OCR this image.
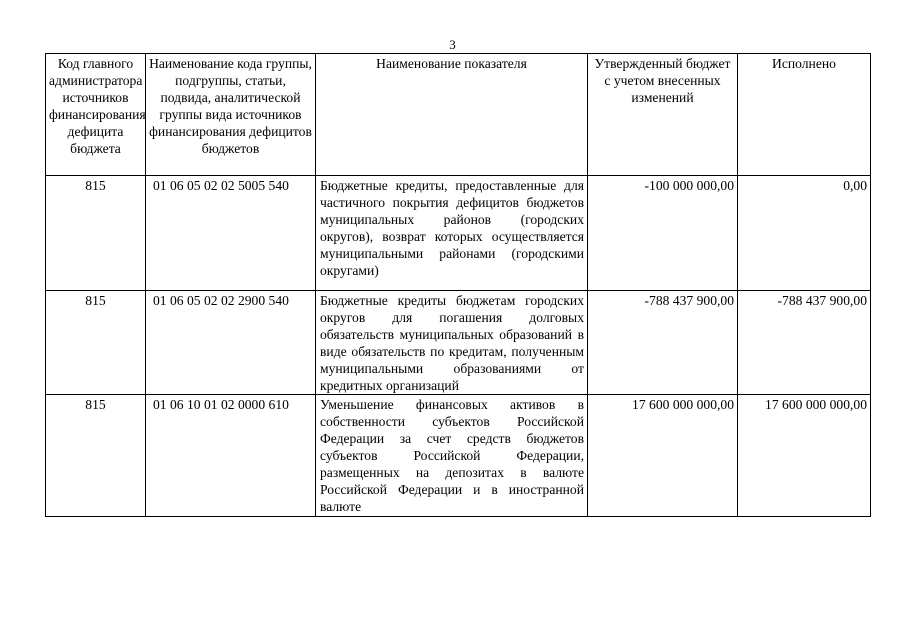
3
Код главного администратора источников финансирования дефицита бюджета	Наименование кода группы, подгруппы, статьи, подвида, аналитической группы вида источников финансирования дефицитов бюджетов	Наименование показателя	Утвержденный бюджет с учетом внесенных изменений	Исполнено
815	01 06 05 02 02 5005 540	Бюджетные кредиты, предоставленные для частичного покрытия дефицитов бюджетов муниципальных районов (городских округов), возврат которых осуществляется муниципальными районами (городскими округами)	-100 000 000,00	0,00
815	01 06 05 02 02 2900 540	Бюджетные кредиты бюджетам городских округов для погашения долговых обязательств муниципальных образований в виде обязательств по кредитам, полученным муниципальными образованиями от кредитных организаций	-788 437 900,00	-788 437 900,00
815	01 06 10 01 02 0000 610	Уменьшение финансовых активов в собственности субъектов Российской Федерации за счет средств бюджетов субъектов Российской Федерации, размещенных на депозитах в валюте Российской Федерации и в иностранной валюте	17 600 000 000,00	17 600 000 000,00
